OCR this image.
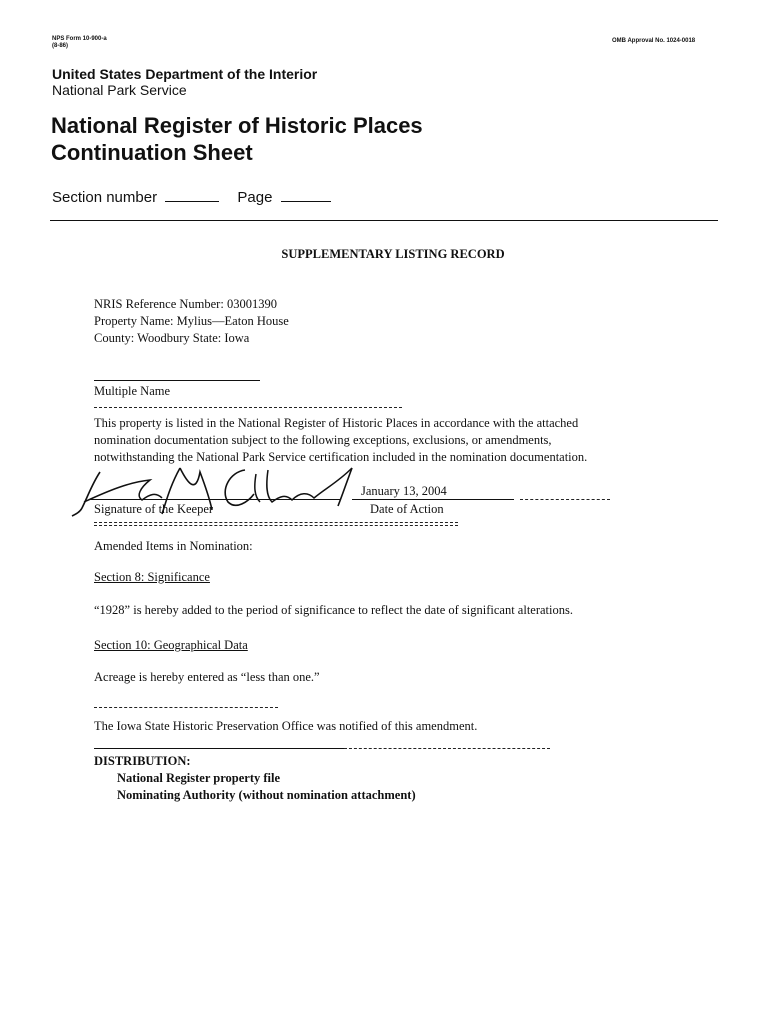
NPS Form 10-900-a
(8-86)
OMB Approval No. 1024-0018
United States Department of the Interior
National Park Service
National Register of Historic Places
Continuation Sheet
Section number	Page
SUPPLEMENTARY LISTING RECORD
NRIS Reference Number: 03001390
Property Name: Mylius—Eaton House
County: Woodbury State: Iowa
Multiple Name
This property is listed in the National Register of Historic Places in accordance with the attached
nomination documentation subject to the following exceptions, exclusions, or amendments,
notwithstanding the National Park Service certification included in the nomination documentation.
Signature of the Keeper
January 13, 2004
Date of Action
Amended Items in Nomination:
Section 8: Significance
“1928” is hereby added to the period of significance to reflect the date of significant alterations.
Section 10: Geographical Data
Acreage is hereby entered as “less than one.”
The Iowa State Historic Preservation Office was notified of this amendment.
DISTRIBUTION:
National Register property file
Nominating Authority (without nomination attachment)
